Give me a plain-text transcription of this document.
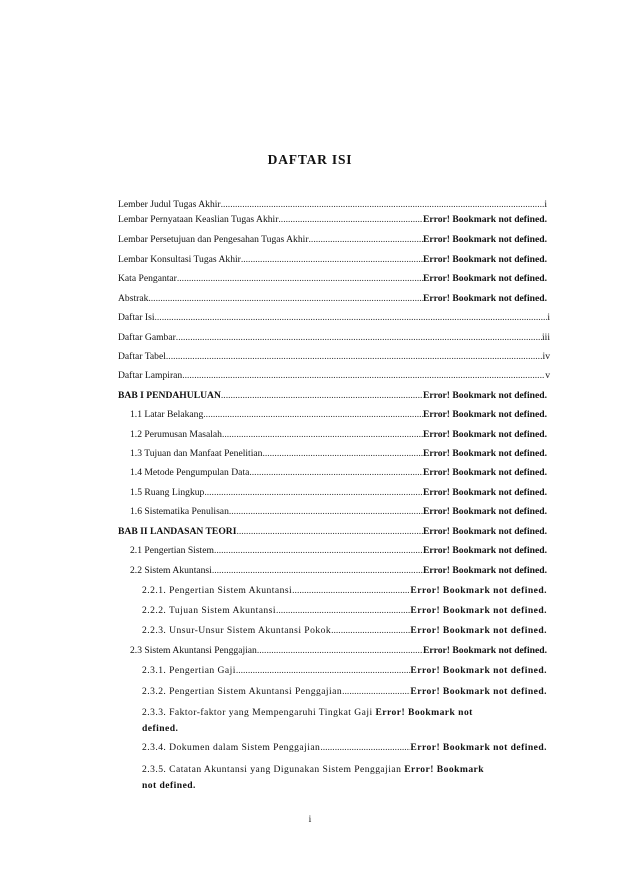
DAFTAR ISI
Lember Judul Tugas Akhir .....	i
Lembar Pernyataan Keaslian Tugas Akhir .....	Error! Bookmark not defined.
Lembar Persetujuan dan Pengesahan Tugas Akhir .....	Error! Bookmark not defined.
Lembar Konsultasi Tugas Akhir .....	Error! Bookmark not defined.
Kata Pengantar .....	Error! Bookmark not defined.
Abstrak .....	Error! Bookmark not defined.
Daftar Isi .....	i
Daftar Gambar .....	iii
Daftar Tabel .....	iv
Daftar Lampiran .....	v
BAB I PENDAHULUAN .....	Error! Bookmark not defined.
1.1 Latar Belakang .....	Error! Bookmark not defined.
1.2 Perumusan Masalah .....	Error! Bookmark not defined.
1.3 Tujuan dan Manfaat Penelitian .....	Error! Bookmark not defined.
1.4 Metode Pengumpulan Data .....	Error! Bookmark not defined.
1.5 Ruang Lingkup .....	Error! Bookmark not defined.
1.6 Sistematika Penulisan .....	Error! Bookmark not defined.
BAB II LANDASAN TEORI .....	Error! Bookmark not defined.
2.1 Pengertian Sistem .....	Error! Bookmark not defined.
2.2 Sistem Akuntansi .....	Error! Bookmark not defined.
2.2.1. Pengertian Sistem Akuntansi .....	Error! Bookmark not defined.
2.2.2. Tujuan Sistem Akuntansi .....	Error! Bookmark not defined.
2.2.3. Unsur-Unsur Sistem Akuntansi Pokok .....	Error! Bookmark not defined.
2.3 Sistem Akuntansi Penggajian .....	Error! Bookmark not defined.
2.3.1. Pengertian Gaji .....	Error! Bookmark not defined.
2.3.2. Pengertian Sistem Akuntansi Penggajian .....	Error! Bookmark not defined.
2.3.3. Faktor-faktor yang Mempengaruhi Tingkat Gaji Error! Bookmark not
defined.
2.3.4. Dokumen dalam Sistem Penggajian .....	Error! Bookmark not defined.
2.3.5. Catatan Akuntansi yang Digunakan Sistem Penggajian Error! Bookmark
not defined.
i
